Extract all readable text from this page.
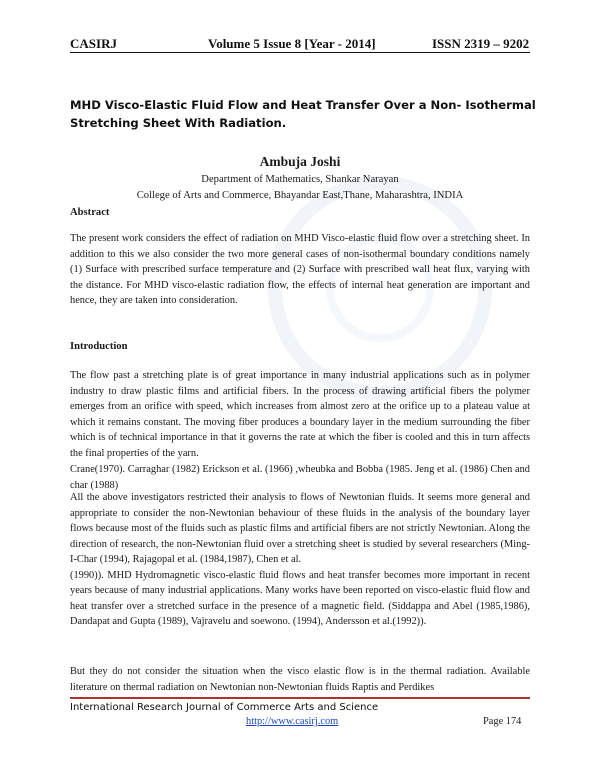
CASIRJ	Volume 5 Issue 8 [Year - 2014]	ISSN 2319 – 9202
MHD Visco-Elastic Fluid Flow and Heat Transfer Over a Non- Isothermal Stretching Sheet With Radiation.
Ambuja Joshi
Department of Mathematics, Shankar Narayan
College of Arts and Commerce, Bhayandar East,Thane, Maharashtra, INDIA
Abstract

The present work considers the effect of radiation on MHD Visco-elastic fluid flow over a stretching sheet. In addition to this we also consider the two more general cases of non-isothermal boundary conditions namely (1) Surface with prescribed surface temperature and (2) Surface with prescribed wall heat flux, varying with the distance. For MHD visco-elastic radiation flow, the effects of internal heat generation are important and hence, they are taken into consideration.

Introduction

The flow past a stretching plate is of great importance in many industrial applications such as in polymer industry to draw plastic films and artificial fibers. In the process of drawing artificial fibers the polymer emerges from an orifice with speed, which increases from almost zero at the orifice up to a plateau value at which it remains constant. The moving fiber produces a boundary layer in the medium surrounding the fiber which is of technical importance in that it governs the rate at which the fiber is cooled and this in turn affects the final properties of the yarn.

Crane(1970). Carraghar (1982) Erickson et al. (1966) ,wheubka and Bobba (1985. Jeng et al. (1986) Chen and char (1988)

All the above investigators restricted their analysis to flows of Newtonian fluids. It seems more general and appropriate to consider the non-Newtonian behaviour of these fluids in the analysis of the boundary layer flows because most of the fluids such as plastic films and artificial fibers are not strictly Newtonian. Along the direction of research, the non-Newtonian fluid over a stretching sheet is studied by several researchers (Ming-I-Char (1994), Rajagopal et al. (1984,1987), Chen et al.
(1990)). MHD Hydromagnetic visco-elastic fluid flows and heat transfer becomes more important in recent years because of many industrial applications. Many works have been reported on visco-elastic fluid flow and heat transfer over a stretched surface in the presence of a magnetic field. (Siddappa and Abel (1985,1986), Dandapat and Gupta (1989), Vajravelu and soewono. (1994), Andersson et al.(1992)).

But they do not consider the situation when the visco elastic flow is in the thermal radiation. Available literature on thermal radiation on Newtonian non-Newtonian fluids Raptis and Perdikes

International Research Journal of Commerce Arts and Science
http://www.casirj.com	Page 174
